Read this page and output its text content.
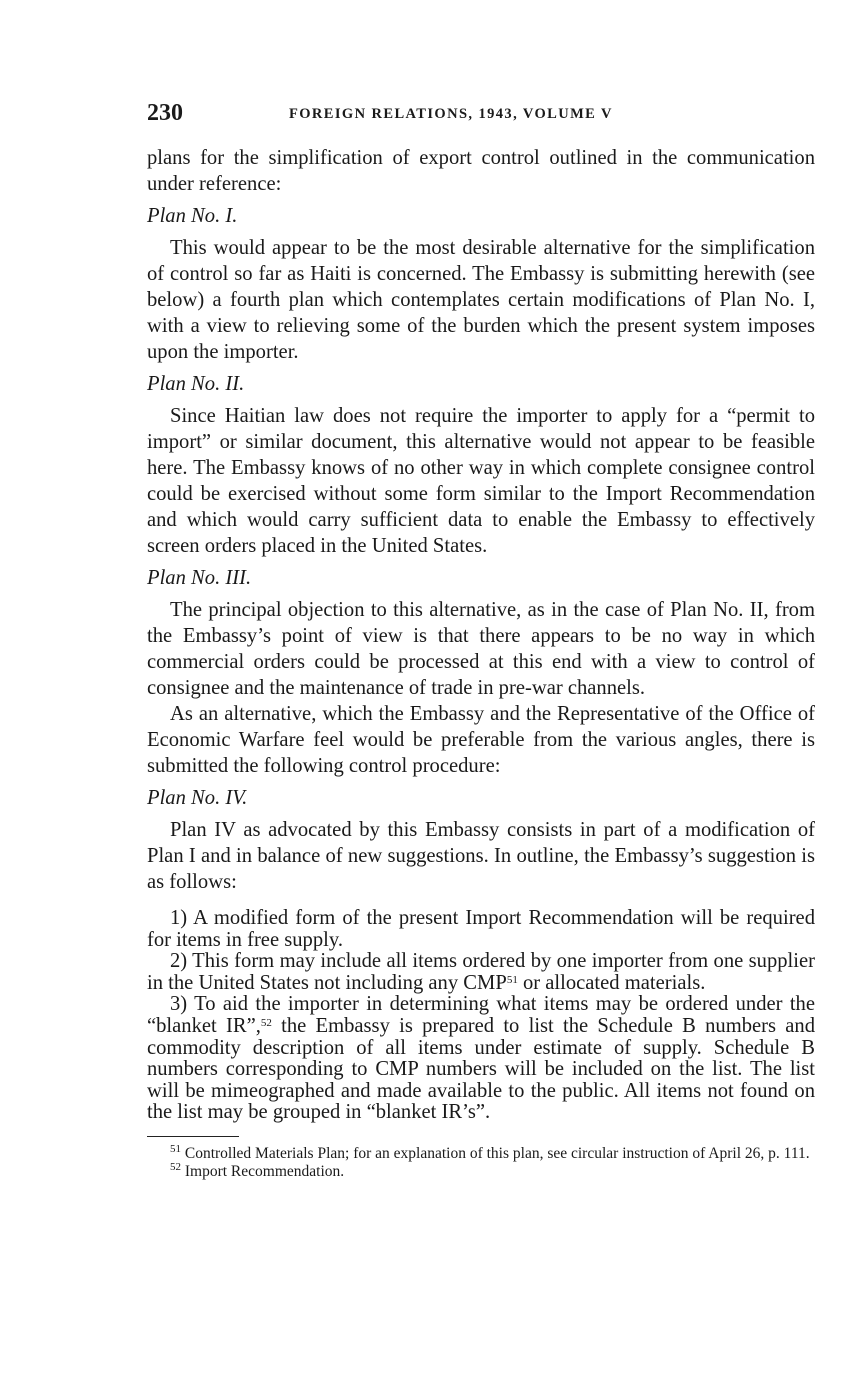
230	FOREIGN RELATIONS, 1943, VOLUME V

plans for the simplification of export control outlined in the communication under reference:

Plan No. I.

This would appear to be the most desirable alternative for the simplification of control so far as Haiti is concerned. The Embassy is submitting herewith (see below) a fourth plan which contemplates certain modifications of Plan No. I, with a view to relieving some of the burden which the present system imposes upon the importer.

Plan No. II.

Since Haitian law does not require the importer to apply for a “permit to import” or similar document, this alternative would not appear to be feasible here. The Embassy knows of no other way in which complete consignee control could be exercised without some form similar to the Import Recommendation and which would carry sufficient data to enable the Embassy to effectively screen orders placed in the United States.

Plan No. III.

The principal objection to this alternative, as in the case of Plan No. II, from the Embassy’s point of view is that there appears to be no way in which commercial orders could be processed at this end with a view to control of consignee and the maintenance of trade in pre-war channels.

As an alternative, which the Embassy and the Representative of the Office of Economic Warfare feel would be preferable from the various angles, there is submitted the following control procedure:

Plan No. IV.

Plan IV as advocated by this Embassy consists in part of a modification of Plan I and in balance of new suggestions. In outline, the Embassy’s suggestion is as follows:

1) A modified form of the present Import Recommendation will be required for items in free supply.

2) This form may include all items ordered by one importer from one supplier in the United States not including any CMP$^{51}$ or allocated materials.

3) To aid the importer in determining what items may be ordered under the “blanket IR”,$^{52}$ the Embassy is prepared to list the Schedule B numbers and commodity description of all items under estimate of supply. Schedule B numbers corresponding to CMP numbers will be included on the list. The list will be mimeographed and made available to the public. All items not found on the list may be grouped in “blanket IR’s”.

$^{51}$ Controlled Materials Plan; for an explanation of this plan, see circular instruction of April 26, p. 111.

$^{52}$ Import Recommendation.
